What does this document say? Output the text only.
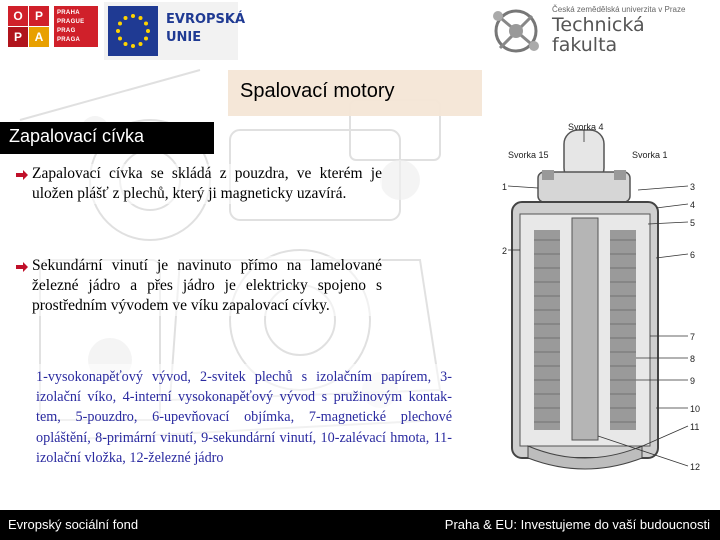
O	P
P	A
PRAHA
PRAGUE
PRAG
PRAGA
EVROPSKÁ
UNIE
Česká zemědělská univerzita v Praze
Technická
fakulta
Spalovací motory
Zapalovací cívka
Zapalovací cívka se skládá z pouzdra, ve kterém je uložen plášť z plechů, který ji magneticky uzavírá.
Sekundární vinutí je navinuto přímo na lamelované železné jádro a přes jádro je elektricky spojeno s prostředním vývodem ve víku zapalovací cívky.
1-vysokonapěťový vývod, 2-svitek plechů s izolačním papírem, 3-izolační víko, 4-interní vysokonapěťový vývod s pružinovým kontak-tem, 5-pouzdro, 6-upevňovací objímka, 7-magnetické plechové opláštění, 8-primární vinutí, 9-sekundární vinutí, 10-zalévací hmota, 11-izolační vložka, 12-železné jádro
Svorka 4
Svorka 15	Svorka 1
1
2
3
4
5
6
7
8
9
10
11
12
Evropský sociální fond	Praha & EU: Investujeme do vaší budoucnosti
